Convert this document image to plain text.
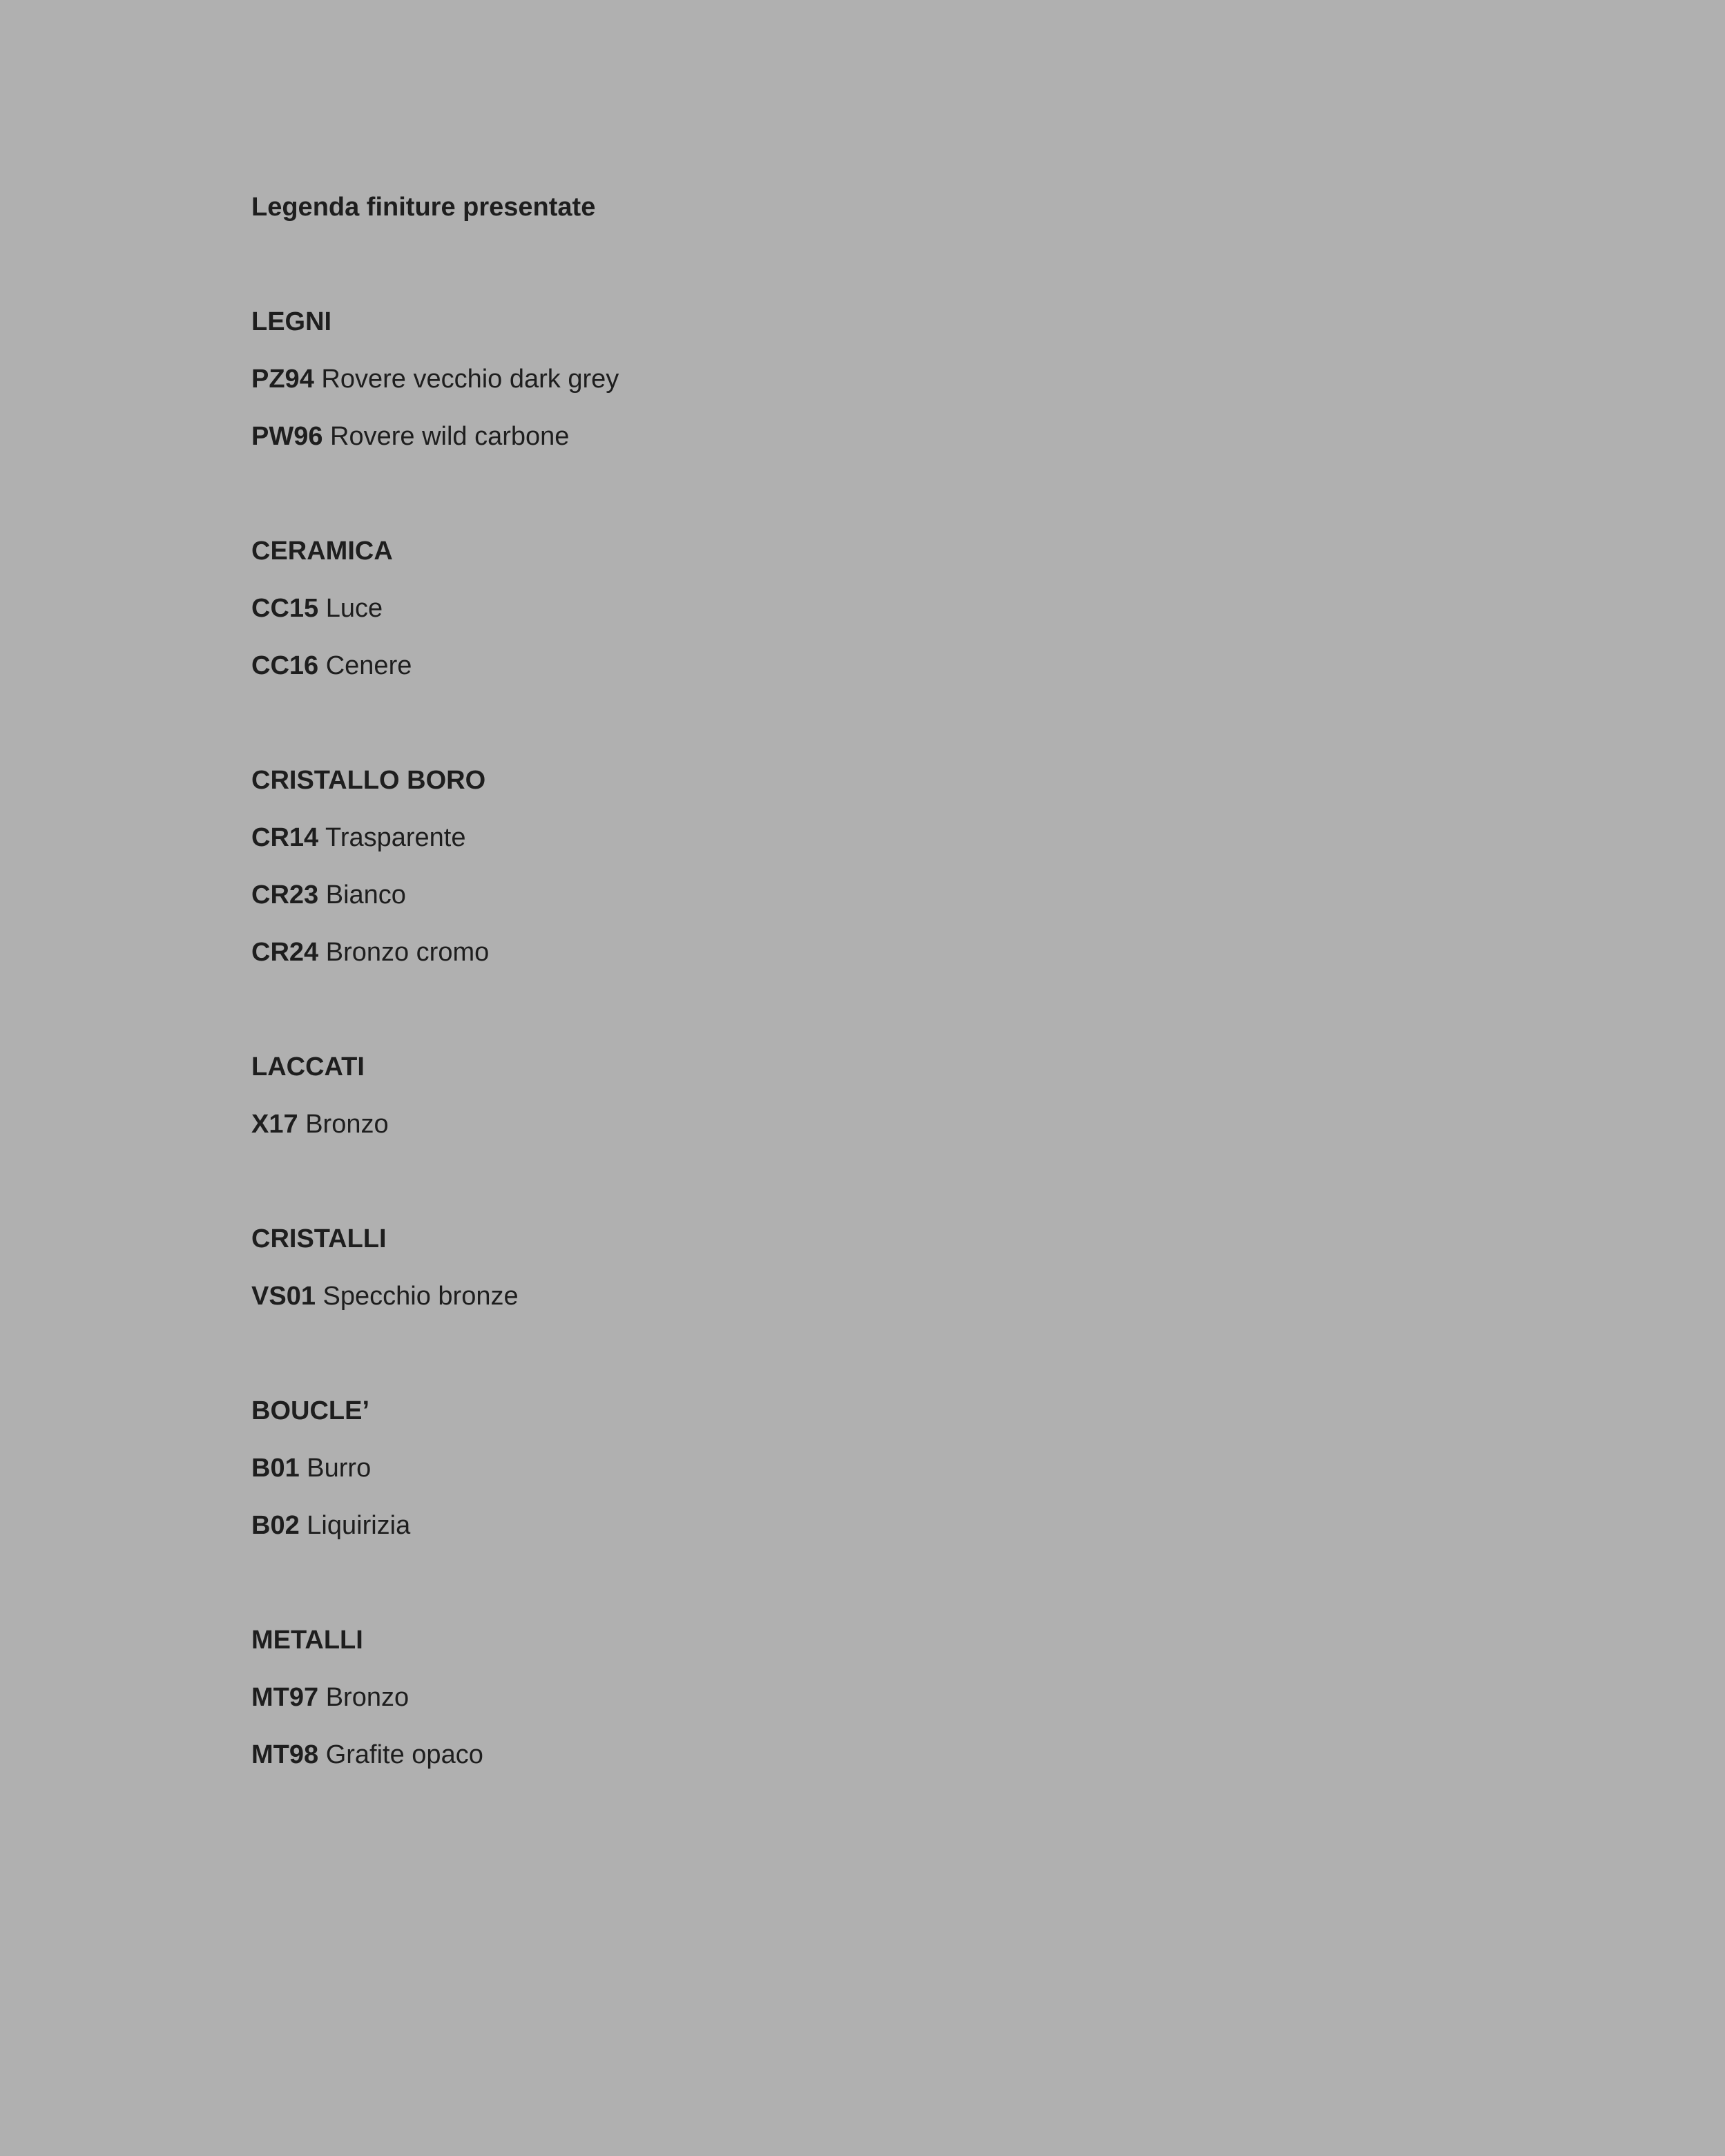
Legenda finiture presentate
LEGNI
PZ94 Rovere vecchio dark grey
PW96 Rovere wild carbone
CERAMICA
CC15 Luce
CC16 Cenere
CRISTALLO BORO
CR14 Trasparente
CR23 Bianco
CR24 Bronzo cromo
LACCATI
X17 Bronzo
CRISTALLI
VS01 Specchio bronze
BOUCLE’
B01 Burro
B02 Liquirizia
METALLI
MT97 Bronzo
MT98 Grafite opaco
